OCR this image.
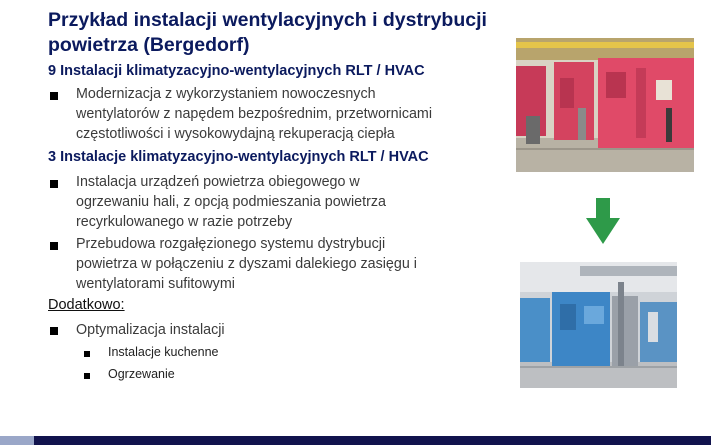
Przykład instalacji wentylacyjnych i dystrybucji powietrza (Bergedorf)
9 Instalacji klimatyzacyjno-wentylacyjnych RLT / HVAC
Modernizacja z wykorzystaniem nowoczesnych
wentylatorów z napędem bezpośrednim, przetwornicami
częstotliwości i wysokowydajną rekuperacją ciepła
3 Instalacje klimatyzacyjno-wentylacyjnych RLT / HVAC
Instalacja urządzeń powietrza obiegowego w
ogrzewaniu hali, z opcją podmieszania powietrza
recyrkulowanego w razie potrzeby
Przebudowa rozgałęzionego systemu dystrybucji
powietrza w połączeniu z dyszami dalekiego zasięgu i
wentylatorami sufitowymi
Dodatkowo:
Optymalizacja instalacji
Instalacje kuchenne
Ogrzewanie
